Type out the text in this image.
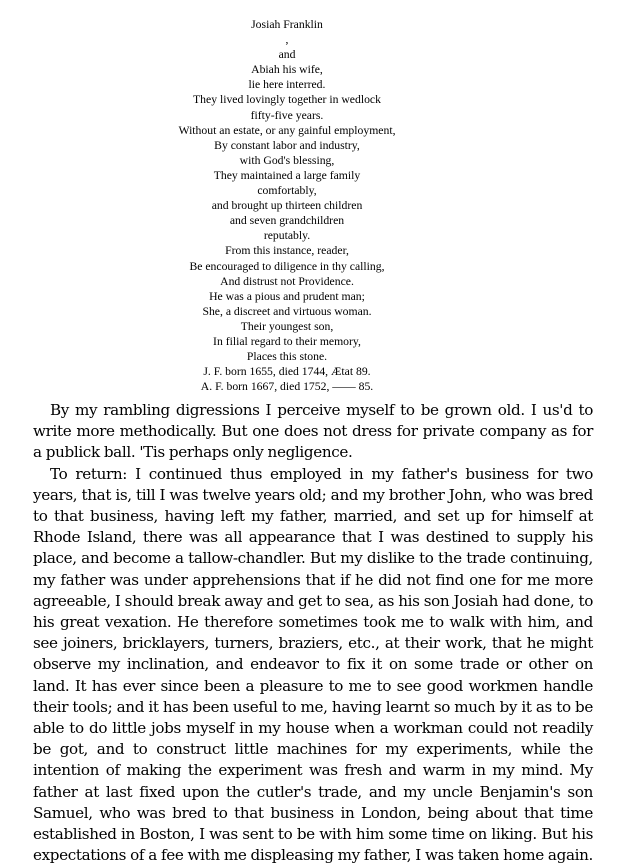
Josiah Franklin
,
and
Abiah his wife,
lie here interred.
They lived lovingly together in wedlock
fifty-five years.
Without an estate, or any gainful employment,
By constant labor and industry,
with God's blessing,
They maintained a large family
comfortably,
and brought up thirteen children
and seven grandchildren
reputably.
From this instance, reader,
Be encouraged to diligence in thy calling,
And distrust not Providence.
He was a pious and prudent man;
She, a discreet and virtuous woman.
Their youngest son,
In filial regard to their memory,
Places this stone.
J. F. born 1655, died 1744, Ætat 89.
A. F. born 1667, died 1752, —— 85.

By my rambling digressions I perceive myself to be grown old. I us'd to write more methodically. But one does not dress for private company as for a publick ball. 'Tis perhaps only negligence.

To return: I continued thus employed in my father's business for two years, that is, till I was twelve years old; and my brother John, who was bred to that business, having left my father, married, and set up for himself at Rhode Island, there was all appearance that I was destined to supply his place, and become a tallow-chandler. But my dislike to the trade continuing, my father was under apprehensions that if he did not find one for me more agreeable, I should break away and get to sea, as his son Josiah had done, to his great vexation. He therefore sometimes took me to walk with him, and see joiners, bricklayers, turners, braziers, etc., at their work, that he might observe my inclination, and endeavor to fix it on some trade or other on land. It has ever since been a pleasure to me to see good workmen handle their tools; and it has been useful to me, having learnt so much by it as to be able to do little jobs myself in my house when a workman could not readily be got, and to construct little machines for my experiments, while the intention of making the experiment was fresh and warm in my mind. My father at last fixed upon the cutler's trade, and my uncle Benjamin's son Samuel, who was bred to that business in London, being about that time established in Boston, I was sent to be with him some time on liking. But his expectations of a fee with me displeasing my father, I was taken home again.
